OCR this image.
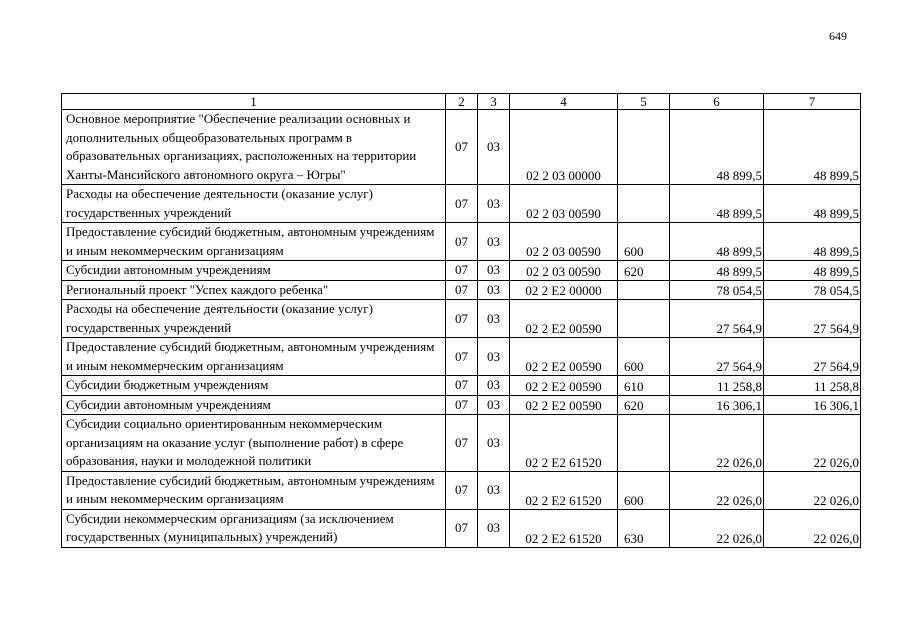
649
1	2	3	4	5	6	7
Основное мероприятие "Обеспечение реализации основных и дополнительных общеобразовательных программ в образовательных организациях, расположенных на территории Ханты-Мансийского автономного округа – Югры"	07	03	02 2 03 00000		48 899,5	48 899,5
Расходы на обеспечение деятельности (оказание услуг) государственных учреждений	07	03	02 2 03 00590		48 899,5	48 899,5
Предоставление субсидий бюджетным, автономным учреждениям и иным некоммерческим организациям	07	03	02 2 03 00590	600	48 899,5	48 899,5
Субсидии автономным учреждениям	07	03	02 2 03 00590	620	48 899,5	48 899,5
Региональный проект "Успех каждого ребенка"	07	03	02 2 E2 00000		78 054,5	78 054,5
Расходы на обеспечение деятельности (оказание услуг) государственных учреждений	07	03	02 2 E2 00590		27 564,9	27 564,9
Предоставление субсидий бюджетным, автономным учреждениям и иным некоммерческим организациям	07	03	02 2 E2 00590	600	27 564,9	27 564,9
Субсидии бюджетным учреждениям	07	03	02 2 E2 00590	610	11 258,8	11 258,8
Субсидии автономным учреждениям	07	03	02 2 E2 00590	620	16 306,1	16 306,1
Субсидии социально ориентированным некоммерческим организациям на оказание услуг (выполнение работ) в сфере образования, науки и молодежной политики	07	03	02 2 E2 61520		22 026,0	22 026,0
Предоставление субсидий бюджетным, автономным учреждениям и иным некоммерческим организациям	07	03	02 2 E2 61520	600	22 026,0	22 026,0
Субсидии некоммерческим организациям (за исключением государственных (муниципальных) учреждений)	07	03	02 2 E2 61520	630	22 026,0	22 026,0
